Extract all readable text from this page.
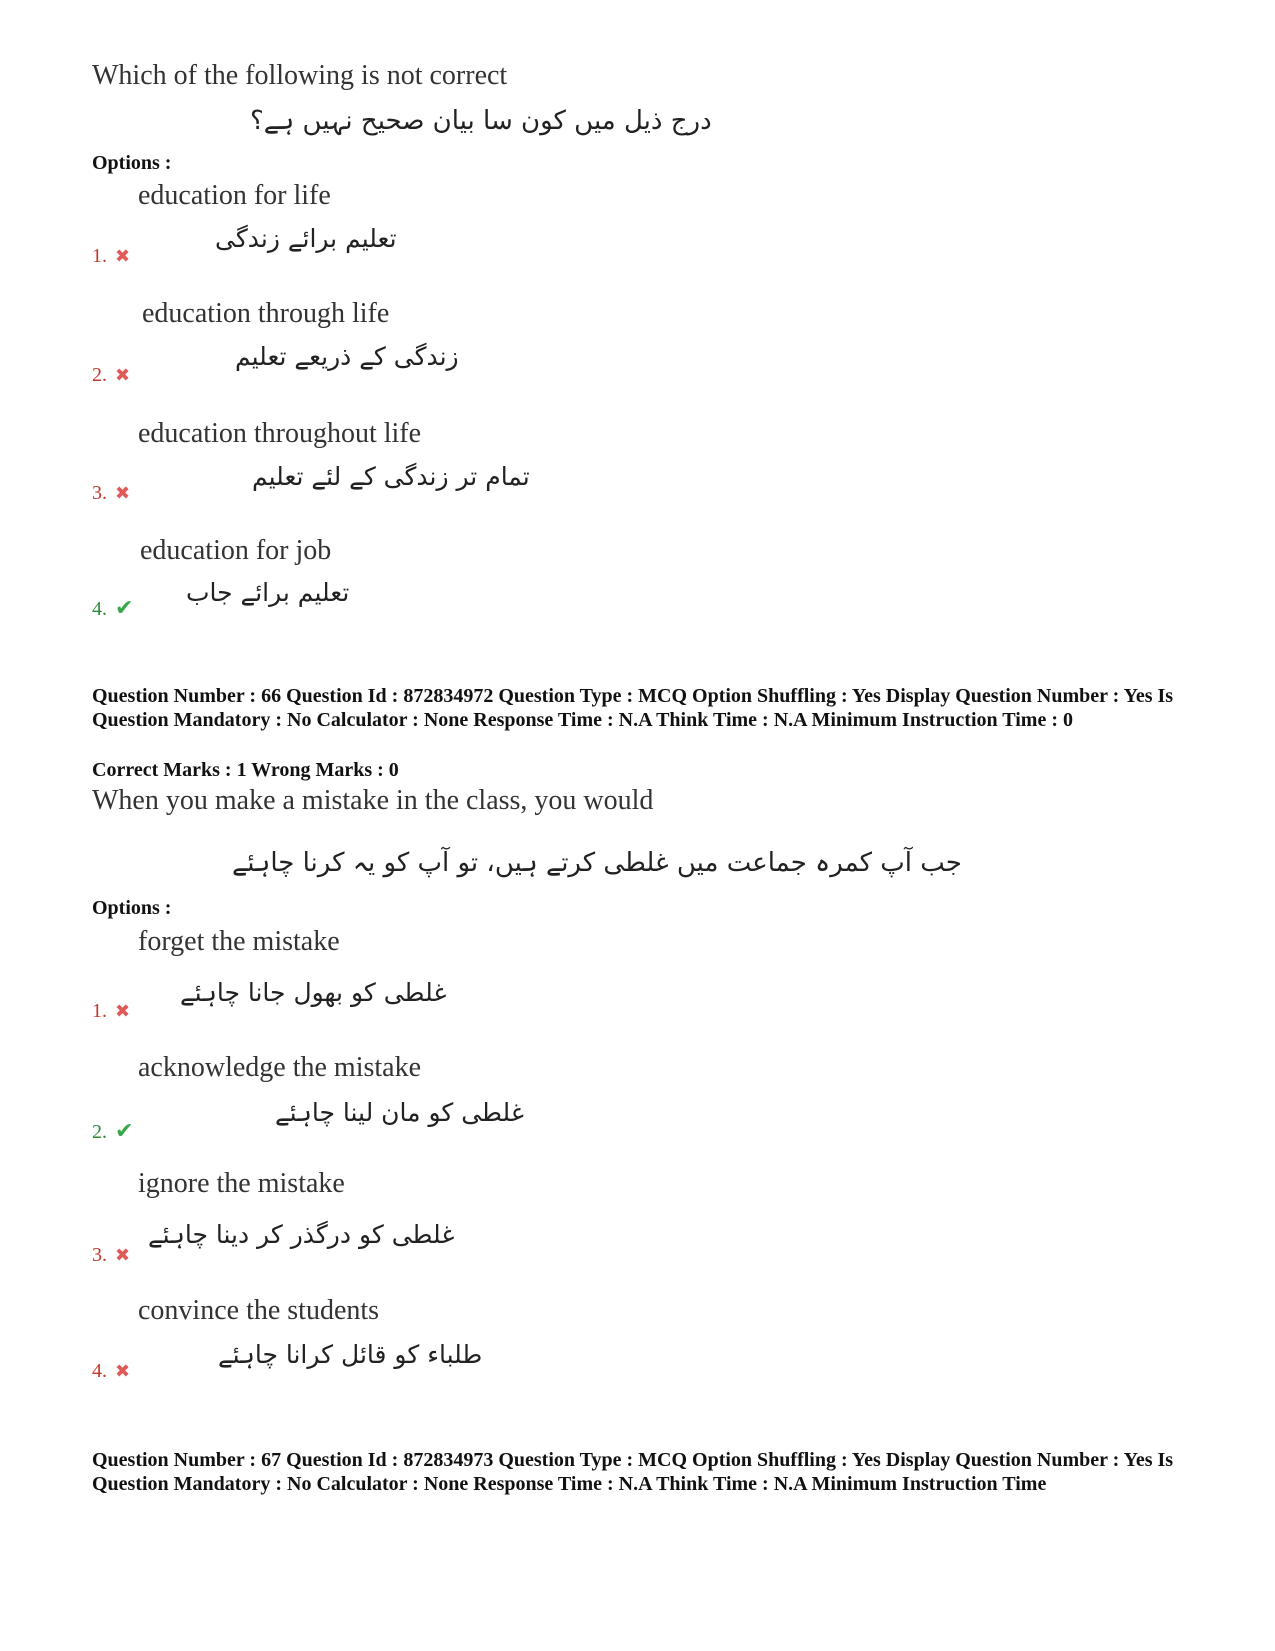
Which of the following is not correct
درج ذیل میں کون سا بیان صحیح نہیں ہے؟
Options :
education for life
تعلیم برائے زندگی
1. ✖
education through life
زندگی کے ذریعے تعلیم
2. ✖
education throughout life
تمام تر زندگی کے لئے تعلیم
3. ✖
education for job
تعلیم برائے جاب
4. ✔
Question Number : 66 Question Id : 872834972 Question Type : MCQ Option Shuffling : Yes Display Question Number : Yes Is Question Mandatory : No Calculator : None Response Time : N.A Think Time : N.A Minimum Instruction Time : 0
Correct Marks : 1 Wrong Marks : 0
When you make a mistake in the class, you would
جب آپ کمرہ جماعت میں غلطی کرتے ہیں، تو آپ کو یہ کرنا چاہئے
Options :
forget the mistake
غلطی کو بھول جانا چاہئے
1. ✖
acknowledge the mistake
غلطی کو مان لینا چاہئے
2. ✔
ignore the mistake
غلطی کو درگذر کر دینا چاہئے
3. ✖
convince the students
طلباء کو قائل کرانا چاہئے
4. ✖
Question Number : 67 Question Id : 872834973 Question Type : MCQ Option Shuffling : Yes Display Question Number : Yes Is Question Mandatory : No Calculator : None Response Time : N.A Think Time : N.A Minimum Instruction Time
